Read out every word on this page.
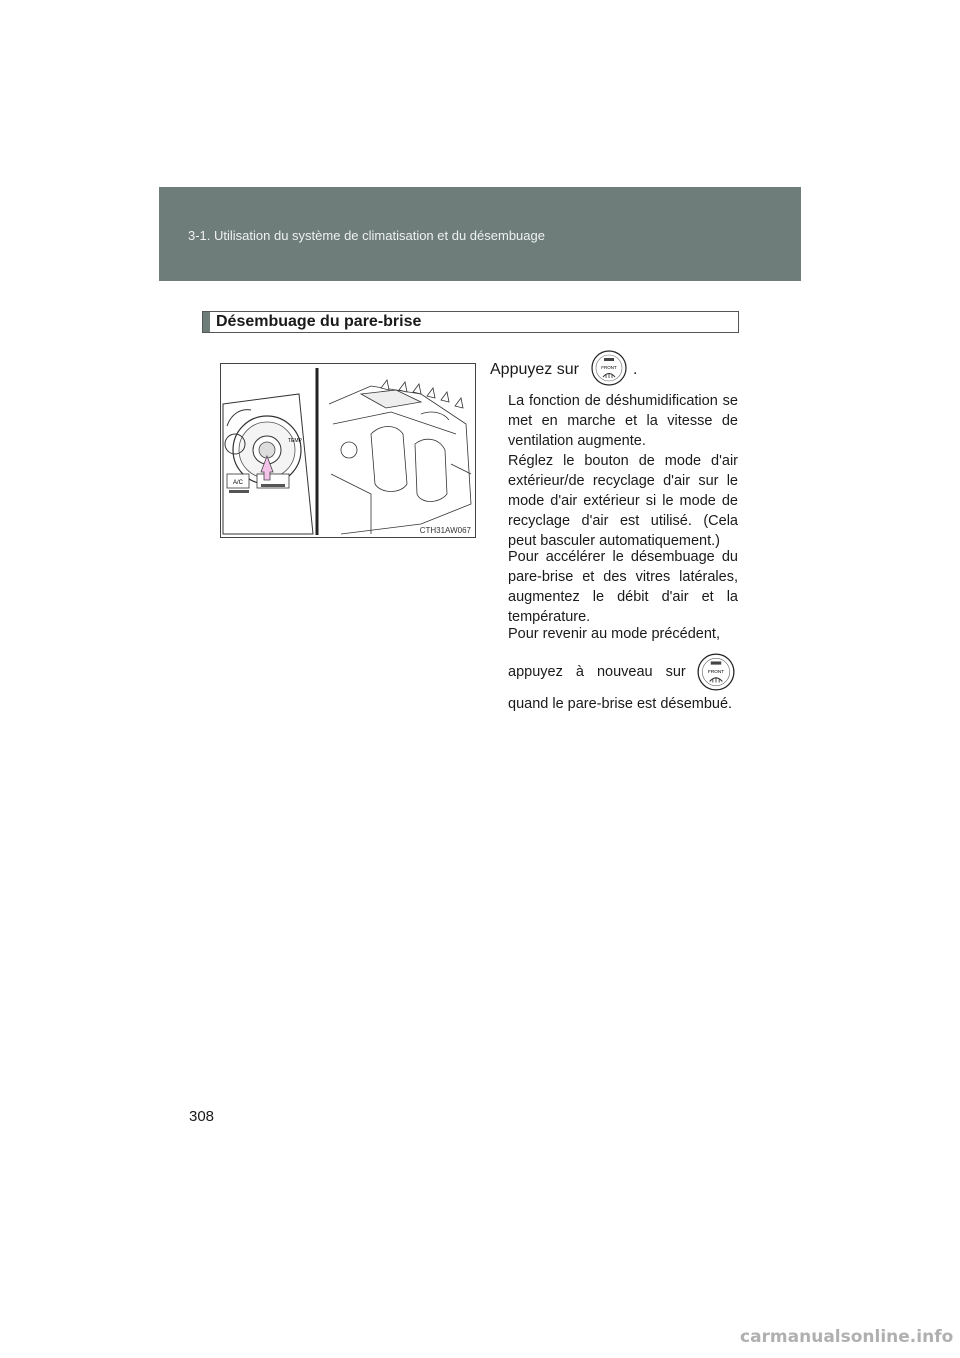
3-1. Utilisation du système de climatisation et du désembuage
Désembuage du pare-brise
TEMP
A/C
CTH31AW067
Appuyez sur	FRONT .
La fonction de déshumidification se met en marche et la vitesse de ventilation augmente.
Réglez le bouton de mode d'air extérieur/de recyclage d'air sur le mode d'air extérieur si le mode de recyclage d'air est utilisé. (Cela peut basculer automatiquement.)
Pour accélérer le désembuage du pare-brise et des vitres latérales, augmentez le débit d'air et la température.
Pour revenir au mode précédent,
appuyez à nouveau sur	FRONT
quand le pare-brise est désembué.
308
carmanualsonline.info
